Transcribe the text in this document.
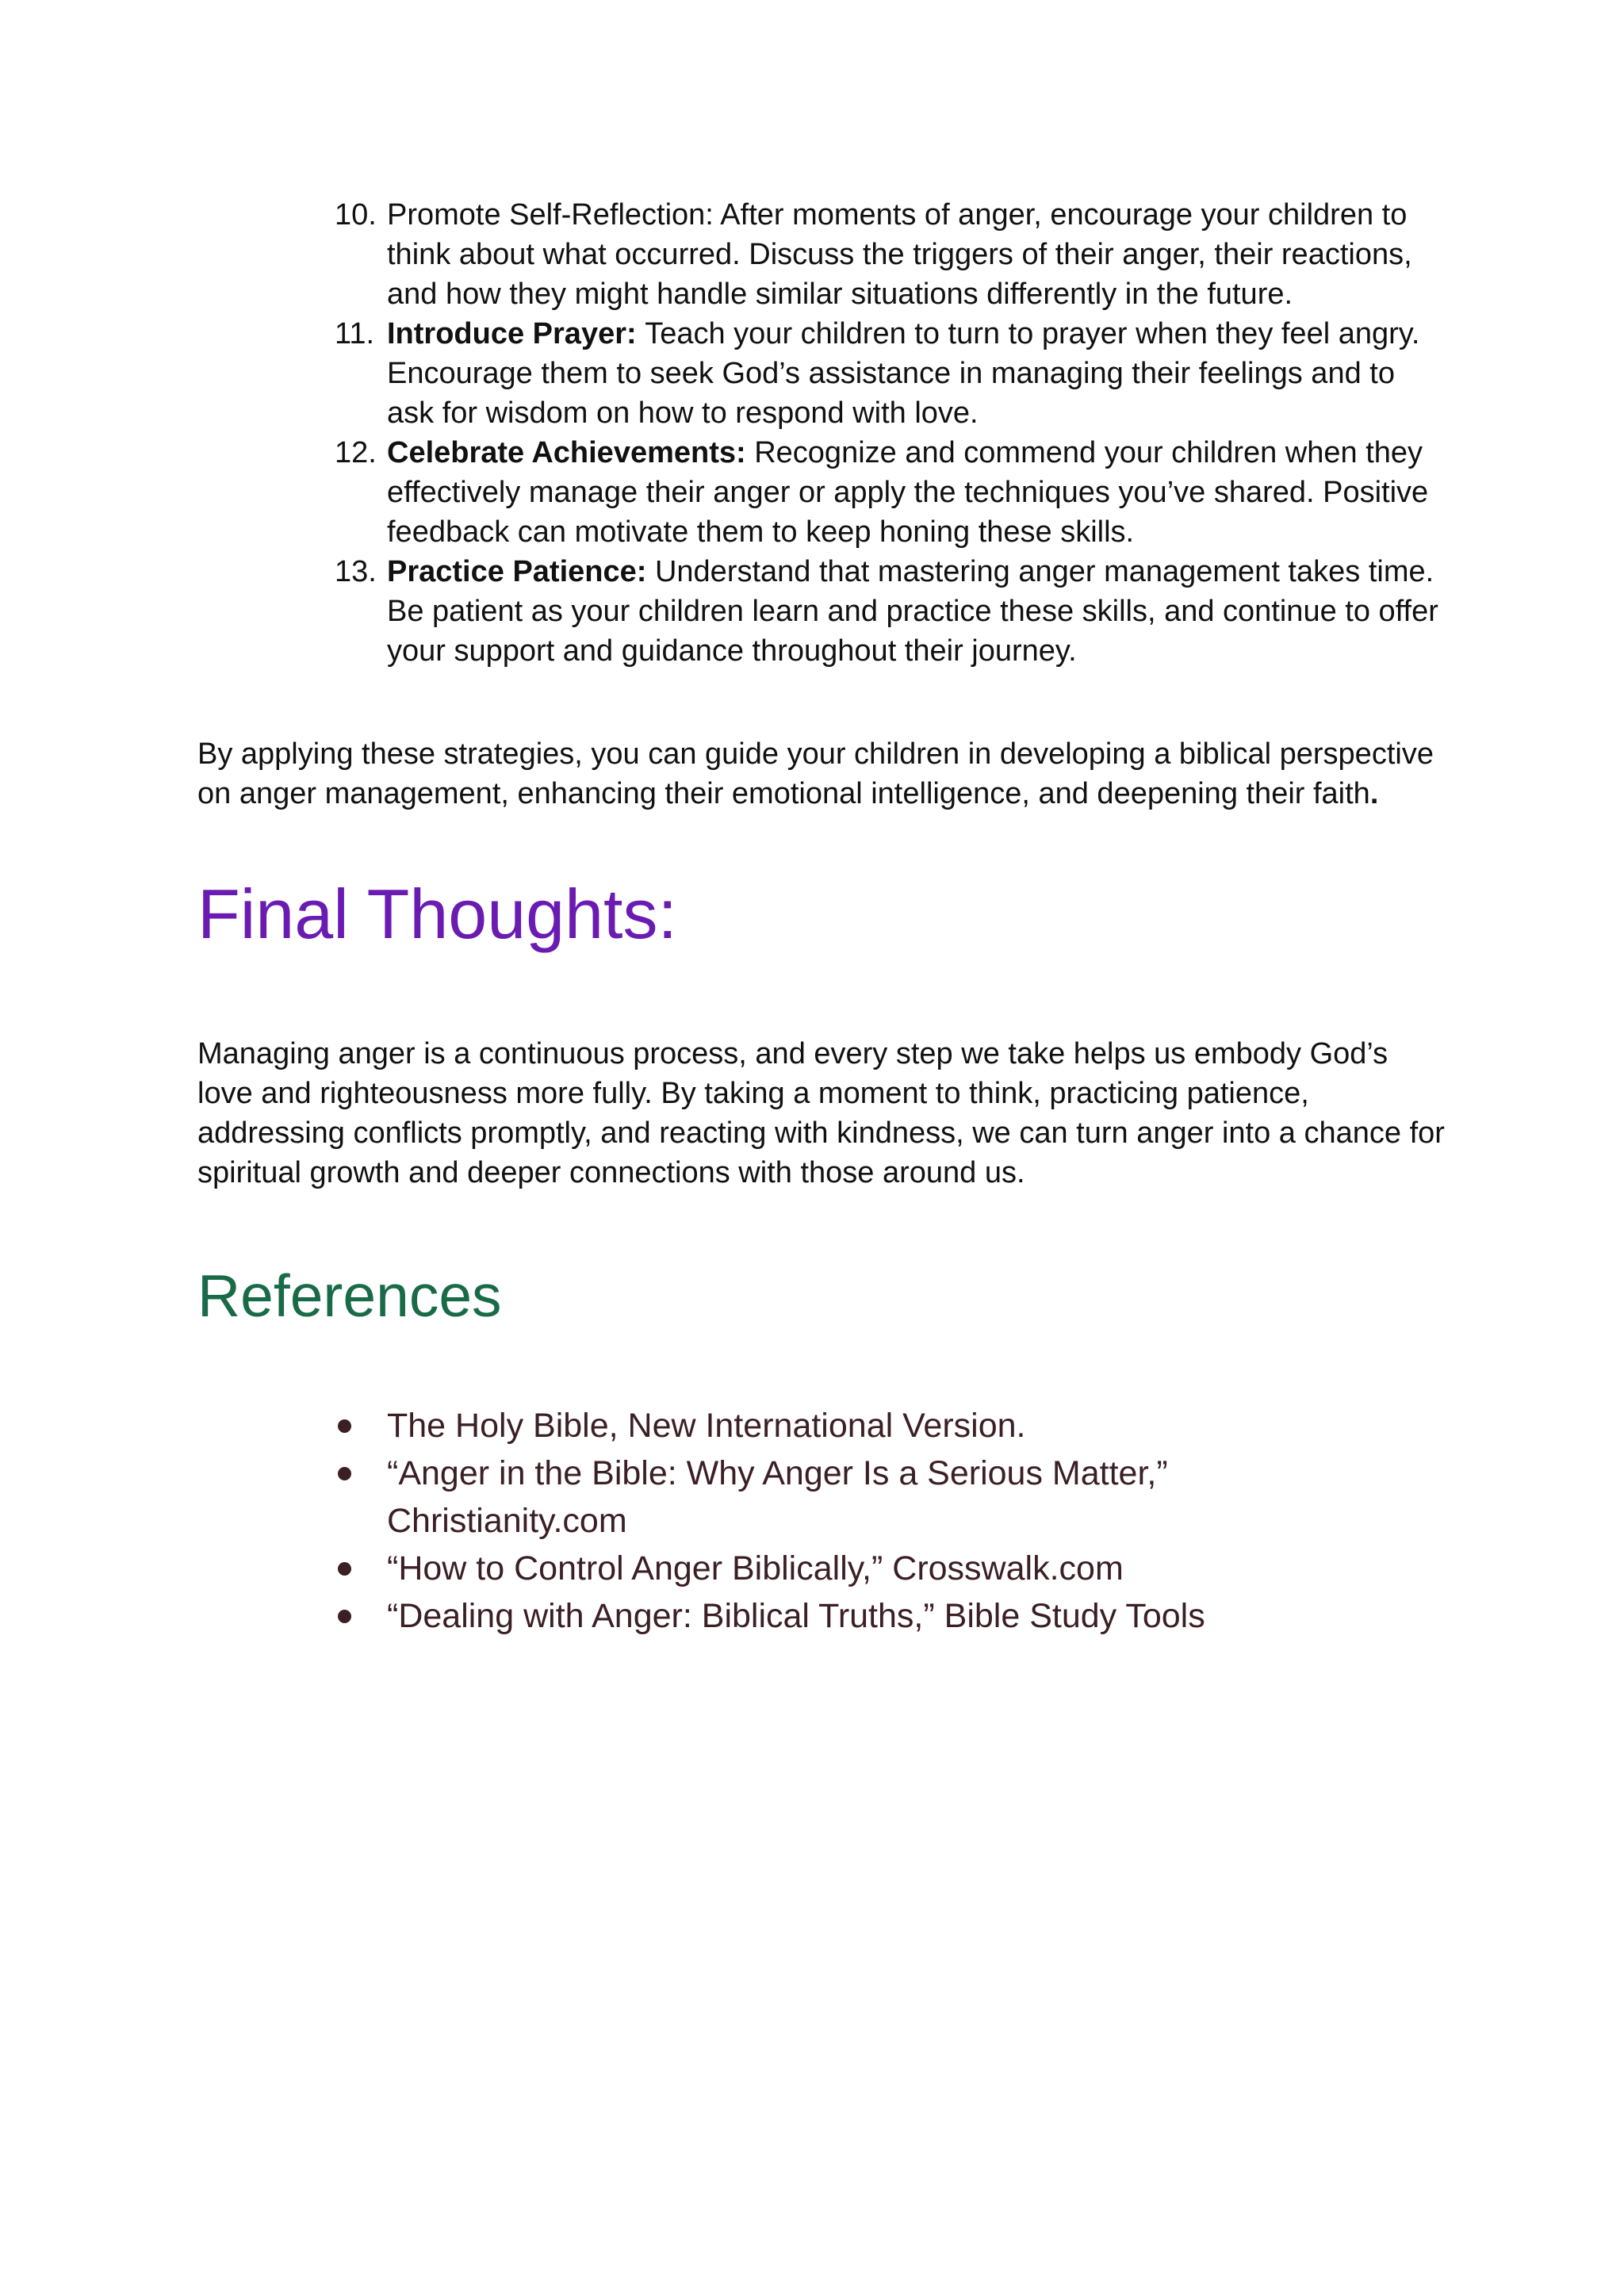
10. Promote Self-Reflection: After moments of anger, encourage your children to think about what occurred. Discuss the triggers of their anger, their reactions, and how they might handle similar situations differently in the future.
11. Introduce Prayer: Teach your children to turn to prayer when they feel angry. Encourage them to seek God’s assistance in managing their feelings and to ask for wisdom on how to respond with love.
12. Celebrate Achievements: Recognize and commend your children when they effectively manage their anger or apply the techniques you’ve shared. Positive feedback can motivate them to keep honing these skills.
13. Practice Patience: Understand that mastering anger management takes time. Be patient as your children learn and practice these skills, and continue to offer your support and guidance throughout their journey.

By applying these strategies, you can guide your children in developing a biblical perspective on anger management, enhancing their emotional intelligence, and deepening their faith.

Final Thoughts:

Managing anger is a continuous process, and every step we take helps us embody God’s love and righteousness more fully. By taking a moment to think, practicing patience, addressing conflicts promptly, and reacting with kindness, we can turn anger into a chance for spiritual growth and deeper connections with those around us.

References
The Holy Bible, New International Version.
“Anger in the Bible: Why Anger Is a Serious Matter,” Christianity.com
“How to Control Anger Biblically,” Crosswalk.com
“Dealing with Anger: Biblical Truths,” Bible Study Tools
